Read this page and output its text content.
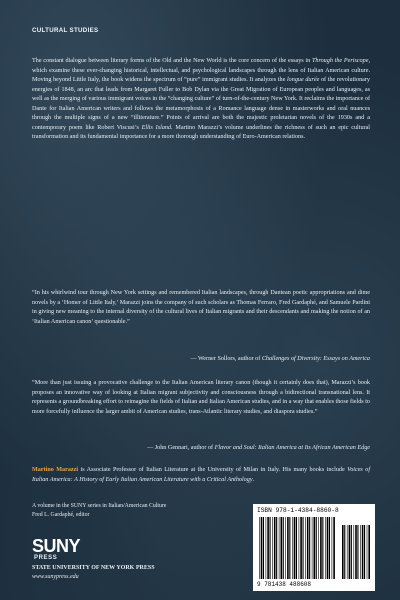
CULTURAL STUDIES

The constant dialogue between literary forms of the Old and the New World is the core concern of the essays in Through the Periscope, which examine these ever-changing historical, intellectual, and psychological landscapes through the lens of Italian American culture. Moving beyond Little Italy, the book widens the spectrum of “pure” immigrant studies. It analyzes the longue durée of the revolutionary energies of 1848, an arc that leads from Margaret Fuller to Bob Dylan via the Great Migration of European peoples and languages, as well as the merging of various immigrant voices in the “changing culture” of turn-of-the-century New York. It reclaims the importance of Dante for Italian American writers and follows the metamorphosis of a Romance language dense in masterworks and oral nuances through the multiple signs of a new “illiterature.” Points of arrival are both the majestic proletarian novels of the 1930s and a contemporary poem like Robert Viscusi’s Ellis Island. Martino Marazzi’s volume underlines the richness of such an epic cultural transformation and its fundamental importance for a more thorough understanding of Euro-American relations.

“In his whirlwind tour through New York settings and remembered Italian landscapes, through Dantean poetic appropriations and dime novels by a ‘Homer of Little Italy,’ Marazzi joins the company of such scholars as Thomas Ferraro, Fred Gardaphé, and Samuele Pardini in giving new meaning to the internal diversity of the cultural lives of Italian migrants and their descendants and making the notion of an ‘Italian American canon’ questionable.”

— Werner Sollors, author of Challenges of Diversity: Essays on America

“More than just issuing a provocative challenge to the Italian American literary canon (though it certainly does that), Marazzi’s book proposes an innovative way of looking at Italian migrant subjectivity and consciousness through a bidirectional transnational lens. It represents a groundbreaking effort to reimagine the fields of Italian and Italian American studies, and in a way that enables those fields to more forcefully influence the larger ambit of American studies, trans-Atlantic literary studies, and diaspora studies.”

— John Gennari, author of Flavor and Soul: Italian America at Its African American Edge

Martino Marazzi is Associate Professor of Italian Literature at the University of Milan in Italy. His many books include Voices of Italian America: A History of Early Italian American Literature with a Critical Anthology.

A volume in the SUNY series in Italian/American Culture
Fred L. Gardaphé, editor
SUNY
PRESS
STATE UNIVERSITY OF NEW YORK PRESS
www.sunypress.edu
ISBN 978-1-4384-8860-8
9 781438 488608
